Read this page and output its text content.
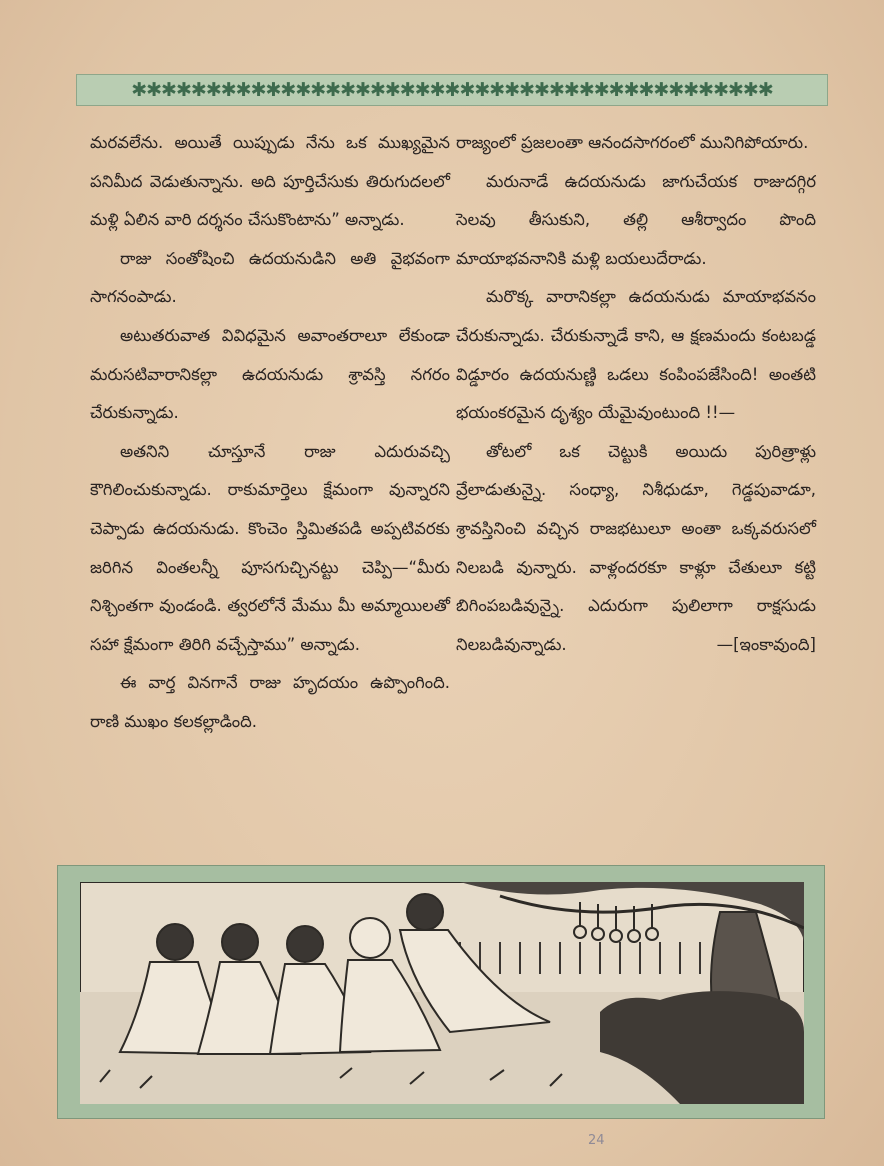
✱✱✱✱✱✱✱✱✱✱✱✱✱✱✱✱✱✱✱✱✱✱✱✱✱✱✱✱✱✱✱✱✱✱✱✱✱✱✱✱✱✱✱

మరవలేను. అయితే యిప్పుడు నేను ఒక ముఖ్యమైన పనిమీద వెడుతున్నాను. అది పూర్తిచేసుకు తిరుగుదలలో మళ్లి ఏలిన వారి దర్శనం చేసుకొంటాను” అన్నాడు.

రాజు సంతోషించి ఉదయనుడిని అతి వైభవంగా సాగనంపాడు.

అటుతరువాత వివిధమైన అవాంతరాలూ లేకుండా మరుసటివారానికల్లా ఉదయనుడు శ్రావస్తి నగరం చేరుకున్నాడు.

అతనిని చూస్తూనే రాజు ఎదురువచ్చి కౌగిలించుకున్నాడు. రాకుమార్తెలు క్షేమంగా వున్నారని చెప్పాడు ఉదయనుడు. కొంచెం స్తిమితపడి అప్పటివరకు జరిగిన వింతలన్నీ పూసగుచ్చినట్టు చెప్పి—“మీరు నిశ్చింతగా వుండండి. త్వరలోనే మేము మీ అమ్మాయిలతో సహా క్షేమంగా తిరిగి వచ్చేస్తాము” అన్నాడు.

ఈ వార్త వినగానే రాజు హృదయం ఉప్పొంగింది. రాణి ముఖం కలకల్లాడింది.

రాజ్యంలో ప్రజలంతా ఆనందసాగరంలో మునిగిపోయారు.

మరునాడే ఉదయనుడు జాగుచేయక రాజుదగ్గిర సెలవు తీసుకుని, తల్లి ఆశీర్వాదం పొంది మాయాభవనానికి మళ్లి బయలుదేరాడు.

మరొక్క వారానికల్లా ఉదయనుడు మాయాభవనం చేరుకున్నాడు. చేరుకున్నాడే కాని, ఆ క్షణమందు కంటబడ్డ విడ్డూరం ఉదయనుణ్ణి ఒడలు కంపింపజేసింది! అంతటి భయంకరమైన దృశ్యం యేమైవుంటుంది !!—

తోటలో ఒక చెట్టుకి అయిదు పురిత్రాళ్లు వ్రేలాడుతున్నై. సంధ్యా, నిశీధుడూ, గెడ్డపువాడూ, శ్రావస్తినించి వచ్చిన రాజభటులూ అంతా ఒక్కవరుసలో నిలబడి వున్నారు. వాళ్లందరకూ కాళ్లూ చేతులూ కట్టి బిగింపబడివున్నై. ఎదురుగా పులిలాగా రాక్షసుడు నిలబడివున్నాడు.	—[ఇంకావుంది]

24
